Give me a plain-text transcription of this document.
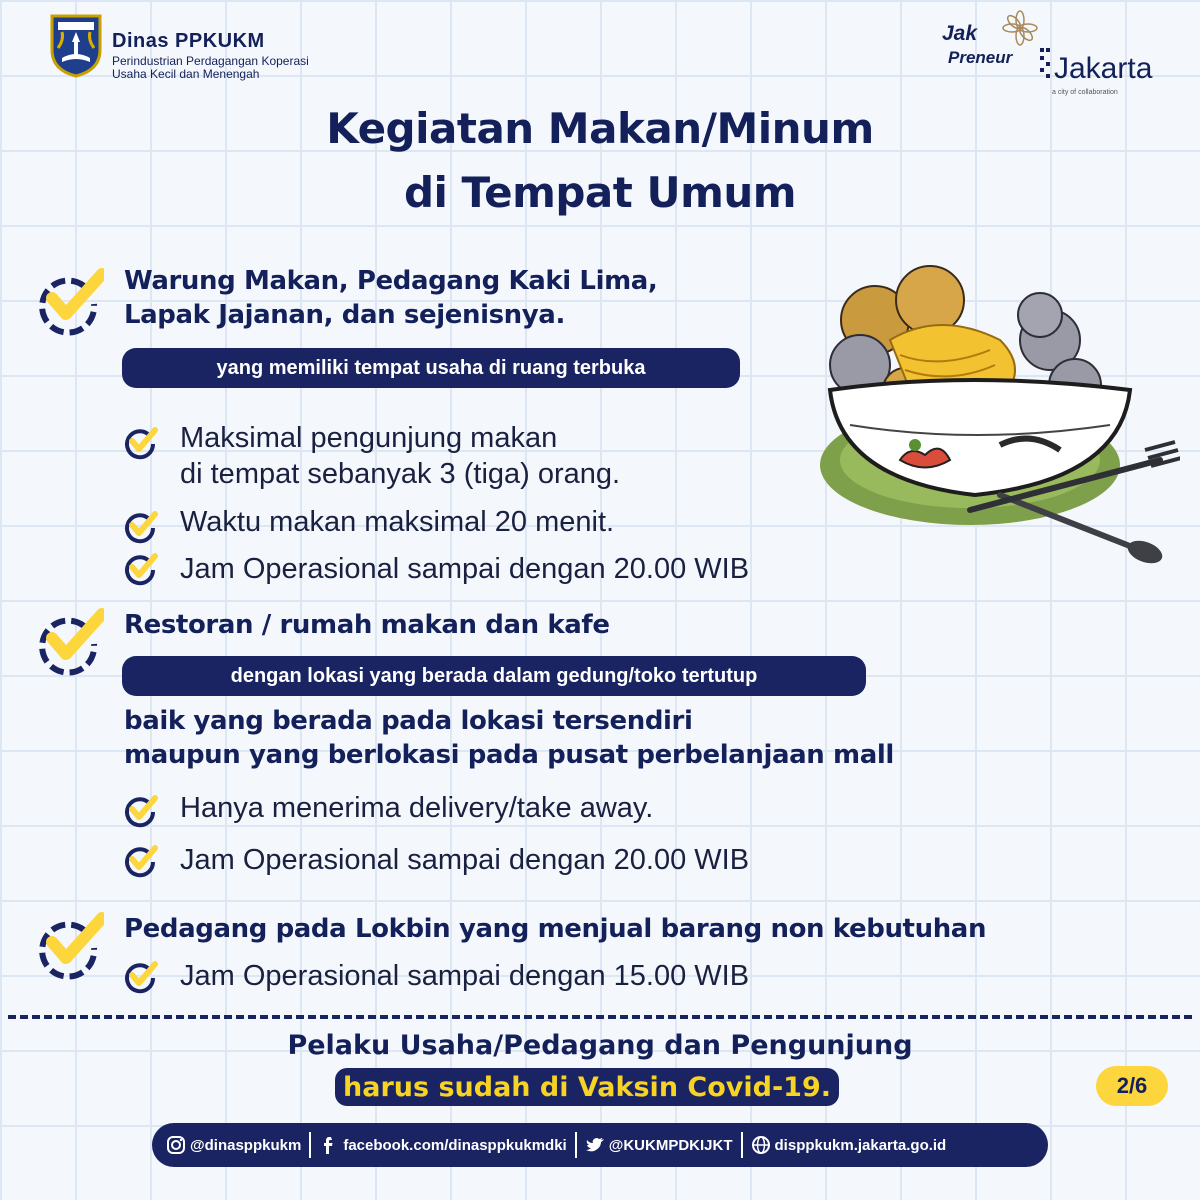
Dinas PPKUKM
Perindustrian Perdagangan Koperasi
Usaha Kecil dan Menengah
Jak
Preneur Jakarta
a city of collaboration
Kegiatan Makan/Minum
di Tempat Umum
Warung Makan, Pedagang Kaki Lima,
Lapak Jajanan, dan sejenisnya.
yang memiliki tempat usaha di ruang terbuka
Maksimal pengunjung makan
di tempat sebanyak 3 (tiga) orang.
Waktu makan maksimal 20 menit.
Jam Operasional sampai dengan 20.00 WIB
Restoran / rumah makan dan kafe
dengan lokasi yang berada dalam gedung/toko tertutup
baik yang berada pada lokasi tersendiri
maupun yang berlokasi pada pusat perbelanjaan mall
Hanya menerima delivery/take away.
Jam Operasional sampai dengan 20.00 WIB
Pedagang pada Lokbin yang menjual barang non kebutuhan
Jam Operasional sampai dengan 15.00 WIB
Pelaku Usaha/Pedagang dan Pengunjung
harus sudah di Vaksin Covid-19.	2/6
@dinasppkukm	facebook.com/dinasppkukmdki	@KUKMPDKIJKT	disppkukm.jakarta.go.id
